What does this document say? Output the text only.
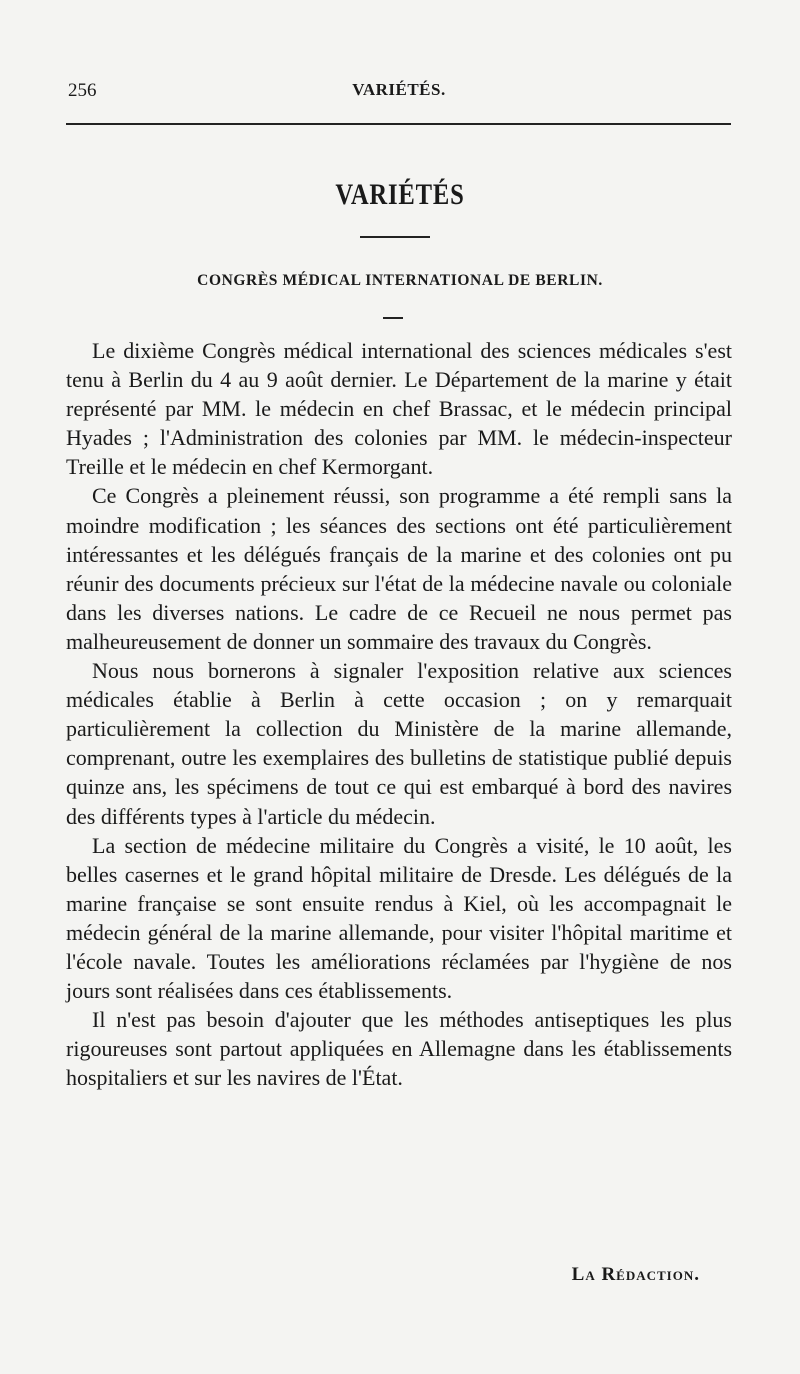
256	VARIÉTÉS.
VARIÉTÉS
CONGRÈS MÉDICAL INTERNATIONAL DE BERLIN.

Le dixième Congrès médical international des sciences médicales s'est tenu à Berlin du 4 au 9 août dernier. Le Département de la marine y était représenté par MM. le médecin en chef Brassac, et le médecin principal Hyades ; l'Administration des colonies par MM. le médecin-inspecteur Treille et le médecin en chef Kermorgant.

Ce Congrès a pleinement réussi, son programme a été rempli sans la moindre modification ; les séances des sections ont été particulièrement intéressantes et les délégués français de la marine et des colonies ont pu réunir des documents précieux sur l'état de la médecine navale ou coloniale dans les diverses nations. Le cadre de ce Recueil ne nous permet pas malheureusement de donner un sommaire des travaux du Congrès.

Nous nous bornerons à signaler l'exposition relative aux sciences médicales établie à Berlin à cette occasion ; on y remarquait particulièrement la collection du Ministère de la marine allemande, comprenant, outre les exemplaires des bulletins de statistique publié depuis quinze ans, les spécimens de tout ce qui est embarqué à bord des navires des différents types à l'article du médecin.

La section de médecine militaire du Congrès a visité, le 10 août, les belles casernes et le grand hôpital militaire de Dresde. Les délégués de la marine française se sont ensuite rendus à Kiel, où les accompagnait le médecin général de la marine allemande, pour visiter l'hôpital maritime et l'école navale. Toutes les améliorations réclamées par l'hygiène de nos jours sont réalisées dans ces établissements.

Il n'est pas besoin d'ajouter que les méthodes antiseptiques les plus rigoureuses sont partout appliquées en Allemagne dans les établissements hospitaliers et sur les navires de l'État.

La Rédaction.
